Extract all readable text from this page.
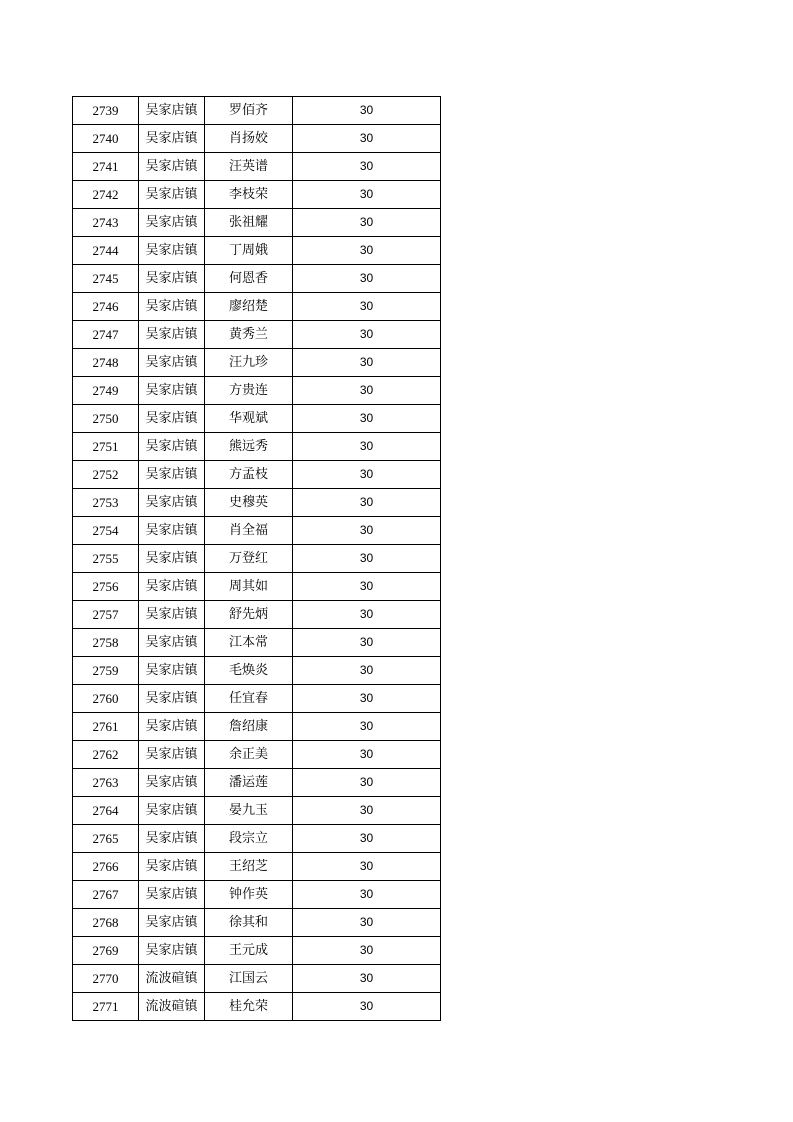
2739	吴家店镇	罗佰齐	30
2740	吴家店镇	肖扬姣	30
2741	吴家店镇	汪英谱	30
2742	吴家店镇	李枝荣	30
2743	吴家店镇	张祖耀	30
2744	吴家店镇	丁周娥	30
2745	吴家店镇	何恩香	30
2746	吴家店镇	廖绍楚	30
2747	吴家店镇	黄秀兰	30
2748	吴家店镇	汪九珍	30
2749	吴家店镇	方贵连	30
2750	吴家店镇	华观斌	30
2751	吴家店镇	熊远秀	30
2752	吴家店镇	方孟枝	30
2753	吴家店镇	史穆英	30
2754	吴家店镇	肖全福	30
2755	吴家店镇	万登红	30
2756	吴家店镇	周其如	30
2757	吴家店镇	舒先炳	30
2758	吴家店镇	江本常	30
2759	吴家店镇	毛焕炎	30
2760	吴家店镇	任宜春	30
2761	吴家店镇	詹绍康	30
2762	吴家店镇	余正美	30
2763	吴家店镇	潘运莲	30
2764	吴家店镇	晏九玉	30
2765	吴家店镇	段宗立	30
2766	吴家店镇	王绍芝	30
2767	吴家店镇	钟作英	30
2768	吴家店镇	徐其和	30
2769	吴家店镇	王元成	30
2770	流波碹镇	江国云	30
2771	流波碹镇	桂允荣	30
